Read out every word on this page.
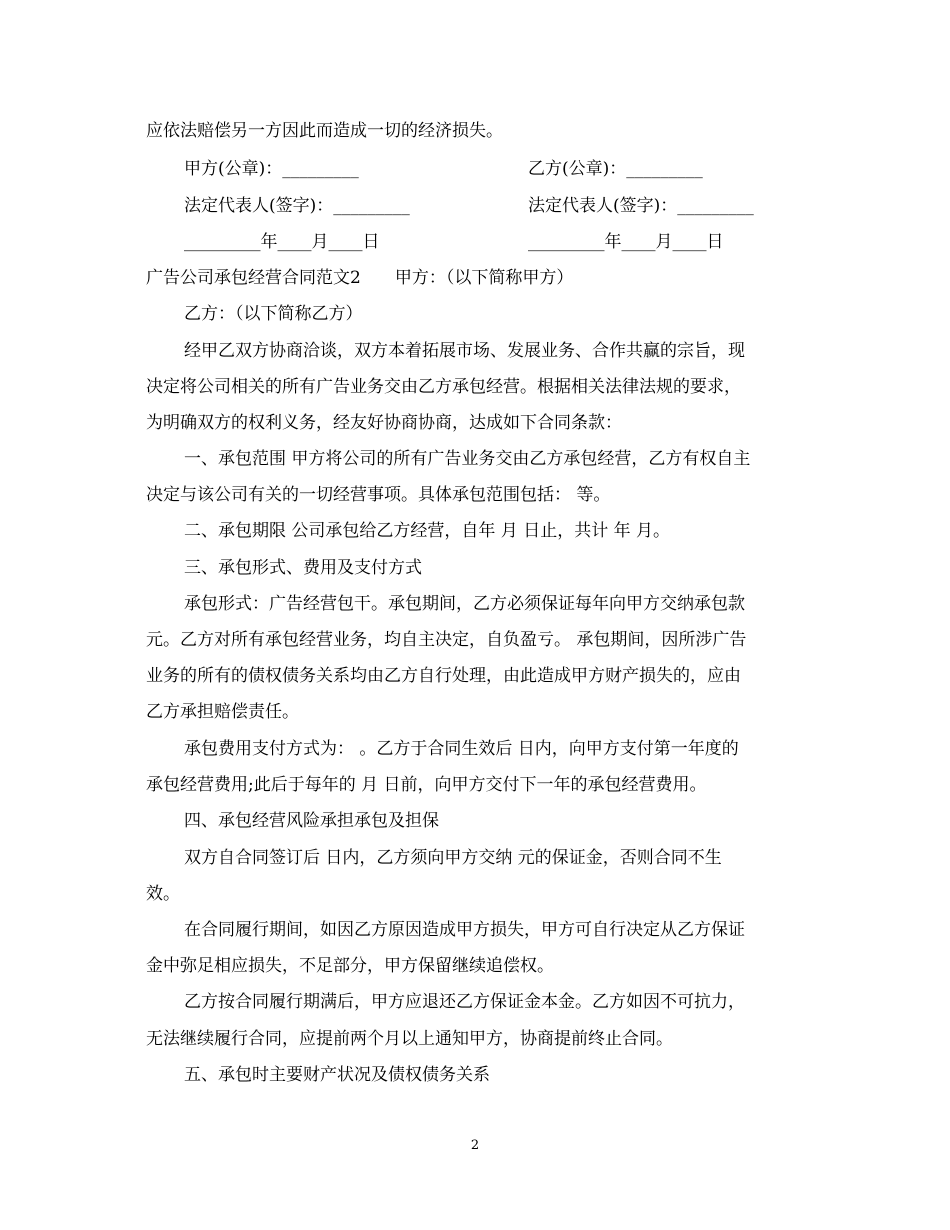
应依法赔偿另一方因此而造成一切的经济损失。
甲方(公章)：_________	乙方(公章)：_________
法定代表人(签字)：_________	法定代表人(签字)：_________
_________年____月____日	_________年____月____日
广告公司承包经营合同范文2　　甲方：（以下简称甲方）
乙方：（以下简称乙方）
经甲乙双方协商洽谈，双方本着拓展市场、发展业务、合作共赢的宗旨，现
决定将公司相关的所有广告业务交由乙方承包经营。根据相关法律法规的要求，
为明确双方的权利义务，经友好协商协商，达成如下合同条款：
一、承包范围 甲方将公司的所有广告业务交由乙方承包经营，乙方有权自主
决定与该公司有关的一切经营事项。具体承包范围包括： 等。
二、承包期限 公司承包给乙方经营，自年 月 日止，共计 年 月。
三、承包形式、费用及支付方式
承包形式：广告经营包干。承包期间，乙方必须保证每年向甲方交纳承包款
元。乙方对所有承包经营业务，均自主决定，自负盈亏。 承包期间，因所涉广告
业务的所有的债权债务关系均由乙方自行处理，由此造成甲方财产损失的，应由
乙方承担赔偿责任。
承包费用支付方式为： 。乙方于合同生效后 日内，向甲方支付第一年度的
承包经营费用;此后于每年的 月 日前，向甲方交付下一年的承包经营费用。
四、承包经营风险承担承包及担保
双方自合同签订后 日内，乙方须向甲方交纳 元的保证金，否则合同不生
效。
在合同履行期间，如因乙方原因造成甲方损失，甲方可自行决定从乙方保证
金中弥足相应损失，不足部分，甲方保留继续追偿权。
乙方按合同履行期满后，甲方应退还乙方保证金本金。乙方如因不可抗力，
无法继续履行合同，应提前两个月以上通知甲方，协商提前终止合同。
五、承包时主要财产状况及债权债务关系
2
